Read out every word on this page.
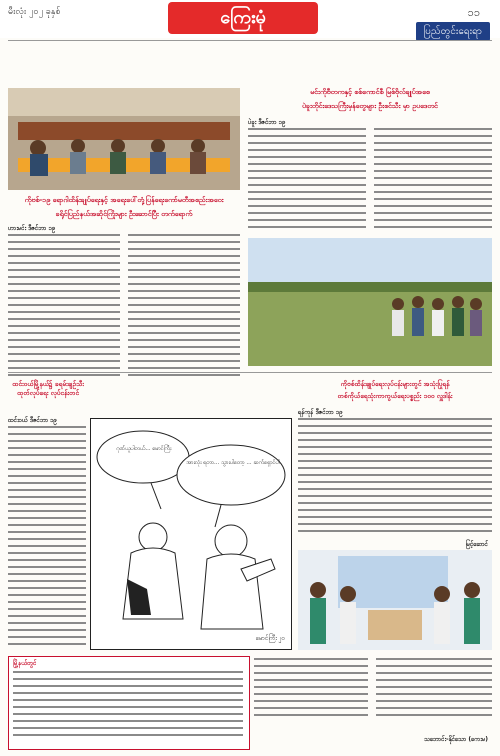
မီးလုံး ၂၀၂ ခုနှစ်	ကြေးမုံ	၁၁
ပြည်တွင်းရေးရာ
ကိုဗစ်-၁၉ ရောဂါထိန်းချုပ်ရေးနှင့် အရေးပေါ်တုံ့ပြန်ရေးကော်မတီအစည်းအဝေး
ခရိုင်ပြည်နယ်အဆိုင်ကြိုးများ ဦးဆောင်ပြီး တက်ရောက်
ဟားမင်း ဒီဇင်ဘာ ၁၉
မင်းကိုဗီတကနှင့် စစ်ကောင်စီ မြစ်ဗိုလ်ချုပ်အစေ
ပဲခူးတိုင်းဒေသကြီးမှန်တွေများ ဦးစင်သီး မှာ ဥပဒေတင်
ပဲခူး ဒီဇင်ဘာ ၁၉
ထင်းဝယ်မြို့နယ်၌ ခရမ်းချဉ်သီး ထုတ်လုပ်ရေး လုပ်ငန်းတင်
ထင်းဝယ် ဒီဇင်ဘာ ၁၉
ဂုဏ်ယူပါတယ်... မောင်ကြီး
အားလုံး ရတာ... သွားပါတော့ ... ဆက်ရှောင်ပါ
မောင်ကြီး ၂၀
ကိုဗစ်ထိန်းချုပ်ရေးလုပ်ငန်းများတွင် အသုံးပြုရန်
တစ်ကိုယ်ရေသုံးကာကွယ်ရေးပစ္စည်း ၁၀၀ လှူဒါန်း
ရန်ကုန် ဒီဇင်ဘာ ၁၉
မြင့်ဆောင်
မြို့နယ်တွင်
သဘောင်း-နိုင်သော (ကေးမ)
